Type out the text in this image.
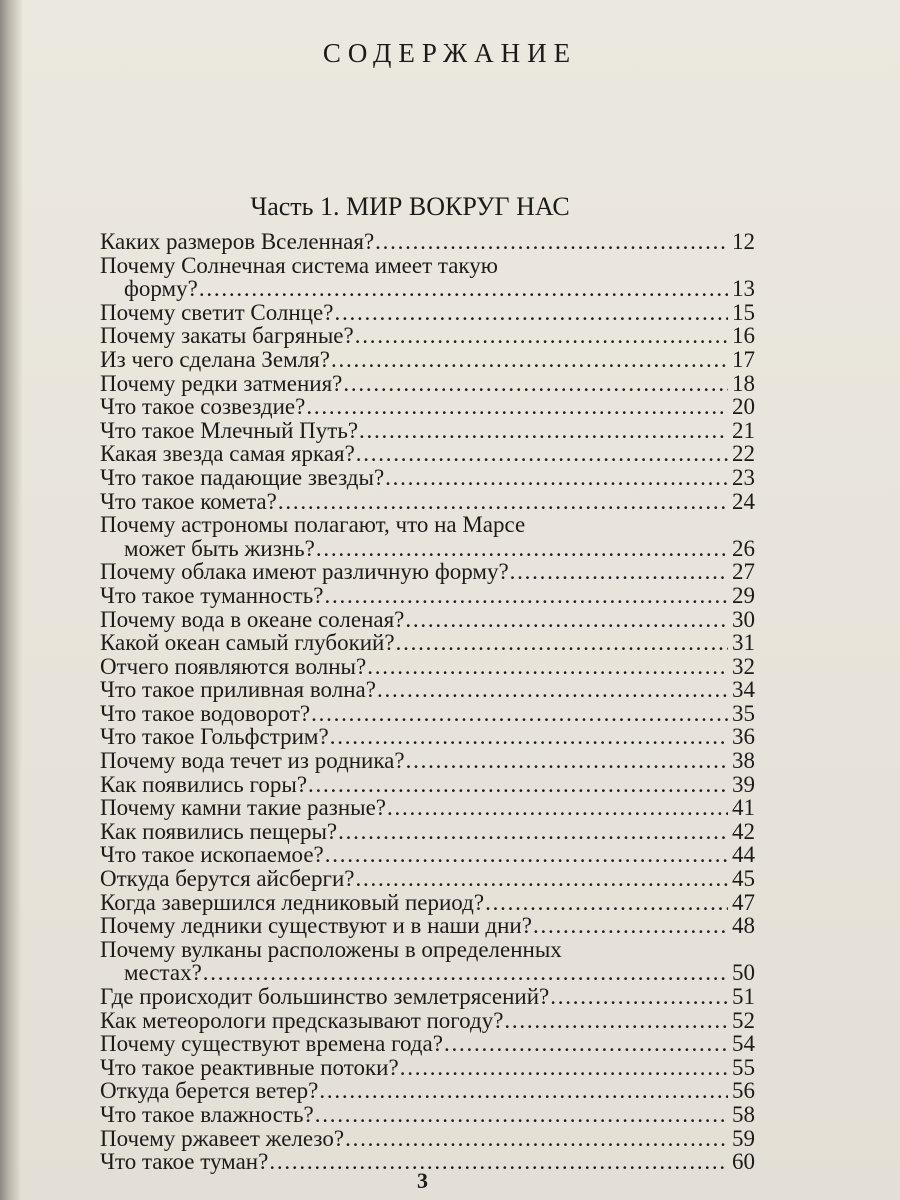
СОДЕРЖАНИЕ
Часть 1. МИР ВОКРУГ НАС
Каких размеров Вселенная? . . .	12
Почему Солнечная система имеет такую
форму? . . .	13
Почему светит Солнце? . . .	15
Почему закаты багряные? . . .	16
Из чего сделана Земля? . . .	17
Почему редки затмения? . . .	18
Что такое созвездие? . . .	20
Что такое Млечный Путь? . . .	21
Какая звезда самая яркая? . . .	22
Что такое падающие звезды? . . .	23
Что такое комета? . . .	24
Почему астрономы полагают, что на Марсе
может быть жизнь? . . .	26
Почему облака имеют различную форму? . . .	27
Что такое туманность? . . .	29
Почему вода в океане соленая? . . .	30
Какой океан самый глубокий? . . .	31
Отчего появляются волны? . . .	32
Что такое приливная волна? . . .	34
Что такое водоворот? . . .	35
Что такое Гольфстрим? . . .	36
Почему вода течет из родника? . . .	38
Как появились горы? . . .	39
Почему камни такие разные? . . .	41
Как появились пещеры? . . .	42
Что такое ископаемое? . . .	44
Откуда берутся айсберги? . . .	45
Когда завершился ледниковый период? . . .	47
Почему ледники существуют и в наши дни? . . .	48
Почему вулканы расположены в определенных
местах? . . .	50
Где происходит большинство землетрясений? . . .	51
Как метеорологи предсказывают погоду? . . .	52
Почему существуют времена года? . . .	54
Что такое реактивные потоки? . . .	55
Откуда берется ветер? . . .	56
Что такое влажность? . . .	58
Почему ржавеет железо? . . .	59
Что такое туман? . . .	60
3
